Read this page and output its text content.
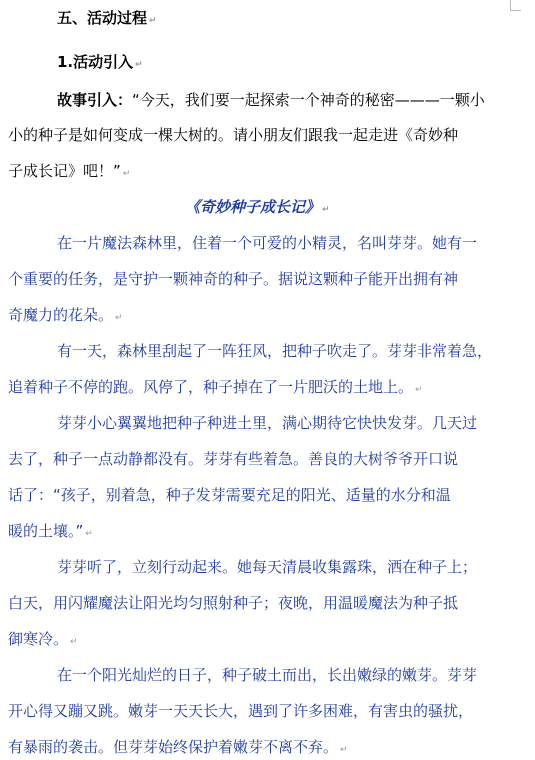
五、活动过程 ↵
1.活动引入 ↵
故事引入：“今天，我们要一起探索一个神奇的秘密———一颗小
小的种子是如何变成一棵大树的。请小朋友们跟我一起走进《奇妙种
子成长记》吧！” ↵
《奇妙种子成长记》 ↵
在一片魔法森林里，住着一个可爱的小精灵，名叫芽芽。她有一
个重要的任务，是守护一颗神奇的种子。据说这颗种子能开出拥有神
奇魔力的花朵。 ↵
有一天，森林里刮起了一阵狂风，把种子吹走了。芽芽非常着急，
追着种子不停的跑。风停了，种子掉在了一片肥沃的土地上。 ↵
芽芽小心翼翼地把种子种进土里，满心期待它快快发芽。几天过
去了，种子一点动静都没有。芽芽有些着急。善良的大树爷爷开口说
话了：“孩子，别着急，种子发芽需要充足的阳光、适量的水分和温
暖的土壤。” ↵
芽芽听了，立刻行动起来。她每天清晨收集露珠，洒在种子上；
白天，用闪耀魔法让阳光均匀照射种子；夜晚，用温暖魔法为种子抵
御寒冷。 ↵
在一个阳光灿烂的日子，种子破土而出，长出嫩绿的嫩芽。芽芽
开心得又蹦又跳。嫩芽一天天长大，遇到了许多困难，有害虫的骚扰，
有暴雨的袭击。但芽芽始终保护着嫩芽不离不弃。 ↵
